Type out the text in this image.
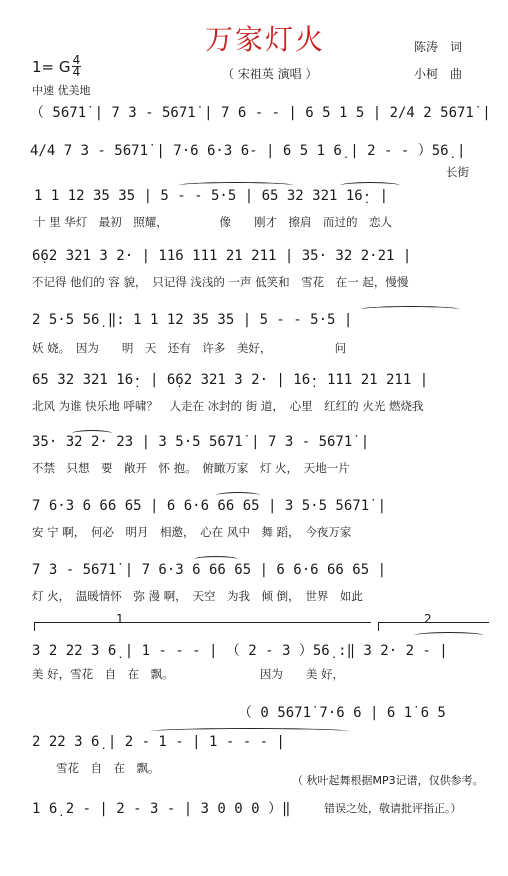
万家灯火
（ 宋祖英 演唱 ）
陈涛　词
小柯　曲
1= G 4
4
中速 优美地
（ 5671̇ | 7 3 - 5671̇ | 7 6 - - | 6 5 1 5 | 2/4 2 5671̇ |
4/4 7 3 - 5671̇ | 7·6 6·3 6- | 6 5 1 6̣ | 2 - - ）56̣ |
长街
1 1 12 35 35 | 5 - - 5·5 | 65 32 321 16̣· |
十 里 华灯　最初　照耀，　　　　　像　　刚才　擦肩　而过的　恋人
6̣62 321 3 2· | 116 111 21 211 | 35· 32 2·21 |
不记得 他们的 容 貌，　只记得 浅浅的 一声 低笑和　雪花　在一 起，慢慢
2 5·5 56̣ ‖: 1 1 12 35 35 | 5 - - 5·5 |
妖 娆。　因为　　明　天　还有　许多　美好，　　　　　　问
65 32 321 16̣· | 6̣62 321 3 2· | 16̣· 111 21 211 |
北风 为谁 快乐地 呼啸？　人走在 冰封的 街 道，　心里　红红的 火光 燃烧我
35· 32 2· 23 | 3 5·5 5671̇ | 7 3 - 5671̇ |
不禁　只想　要　敞开　怀 抱。　俯瞰万家　灯 火，　天地一片
7 6·3 6 66 65 | 6 6·6 66 65 | 3 5·5 5671̇ |
安 宁 啊，　何必　明月　相邀，　心在 风中　舞 蹈，　今夜万家
7 3 - 5671̇ | 7 6·3 6 66 65 | 6 6·6 66 65 |
灯 火，　温暖情怀　弥 漫 啊，　天空　为我　倾 倒，　世界　如此
1	2
3 2 22 3 6̣ | 1 - - - | （ 2 - 3 ）56̣ :‖ 3 2· 2 - |
美 好，雪花　自　在　飘。　　　　　　　　因为　　美 好，
（ 0 5671̇ 7·6 6 | 6 1̇ 6 5
2 22 3 6̣ | 2 - 1 - | 1 - - - |
雪花　自　在　飘。
1 6̣ 2 - | 2 - 3 - | 3 0 0 0 ）‖
（ 秋叶起舞根据MP3记谱，仅供参考。
错误之处，敬请批评指正。）
